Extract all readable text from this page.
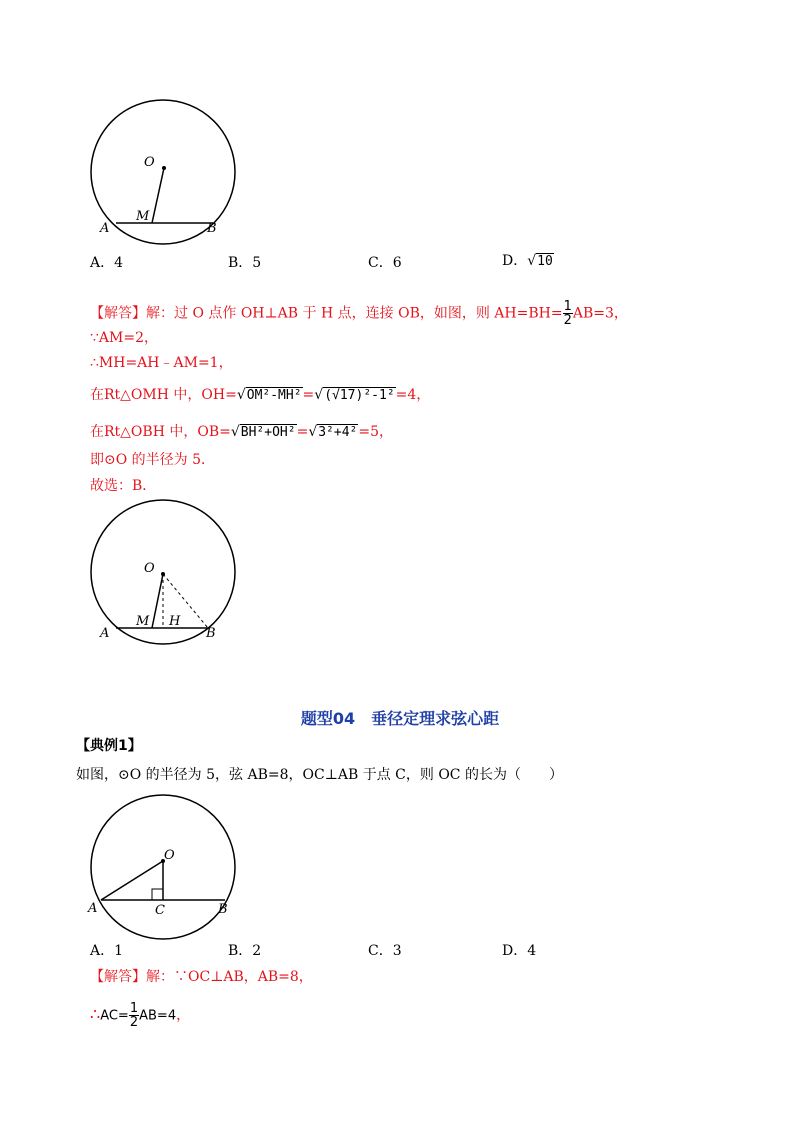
O
M
A	B
A．4	B．5	C．6	D．√10
【解答】解：过 O 点作 OH⊥AB 于 H 点，连接 OB，如图，则 $AH=BH= \frac{1}{2} AB=3$，
∵AM=2，
∴MH=AH﹣AM=1，
在Rt△OMH 中，OH=√OM²-MH²=√(√17)²-1²=4，
在Rt△OBH 中，OB=√BH²+OH²=√3²+4²=5，
即⊙O 的半径为 5．
故选：B．
O
M H
A	B
题型04　垂径定理求弦心距
【典例1】
如图，⊙O 的半径为 5，弦 AB=8，OC⊥AB 于点 C，则 OC 的长为（　　）
O
A	C	B
A．1	B．2	C．3	D．4
【解答】解：∵OC⊥AB，AB=8，
∴AC= $\frac{1}{2} AB=4$，
